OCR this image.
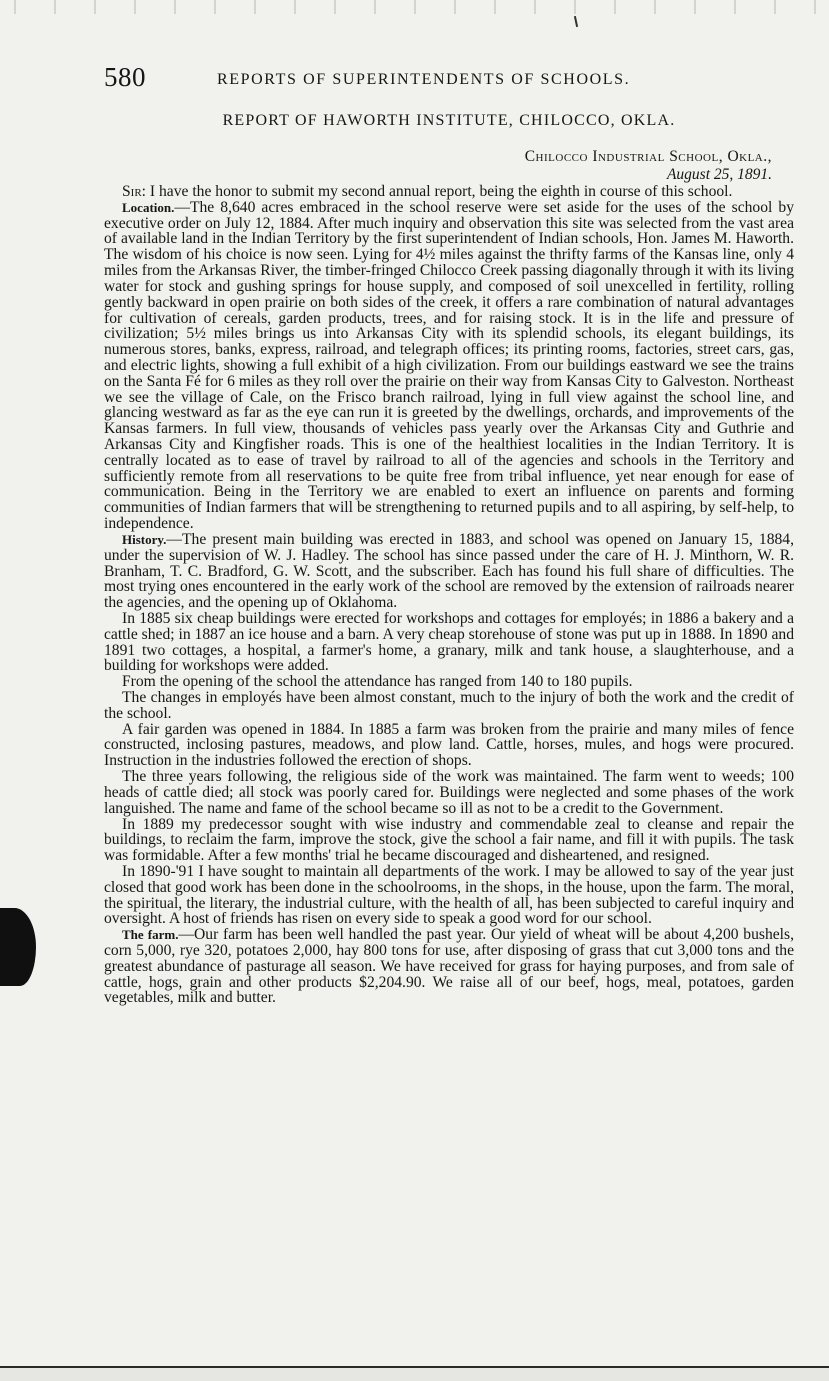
580	REPORTS OF SUPERINTENDENTS OF SCHOOLS.
REPORT OF HAWORTH INSTITUTE, CHILOCCO, OKLA.
Chilocco Industrial School, Okla.,
August 25, 1891.

Sir: I have the honor to submit my second annual report, being the eighth in course of this school.

Location.—The 8,640 acres embraced in the school reserve were set aside for the uses of the school by executive order on July 12, 1884. After much inquiry and observation this site was selected from the vast area of available land in the Indian Territory by the first superintendent of Indian schools, Hon. James M. Haworth. The wisdom of his choice is now seen. Lying for 4½ miles against the thrifty farms of the Kansas line, only 4 miles from the Arkansas River, the timber-fringed Chilocco Creek passing diagonally through it with its living water for stock and gushing springs for house supply, and composed of soil unexcelled in fertility, rolling gently backward in open prairie on both sides of the creek, it offers a rare combination of natural advantages for cultivation of cereals, garden products, trees, and for raising stock. It is in the life and pressure of civilization; 5½ miles brings us into Arkansas City with its splendid schools, its elegant buildings, its numerous stores, banks, express, railroad, and telegraph offices; its printing rooms, factories, street cars, gas, and electric lights, showing a full exhibit of a high civilization. From our buildings eastward we see the trains on the Santa Fé for 6 miles as they roll over the prairie on their way from Kansas City to Galveston. Northeast we see the village of Cale, on the Frisco branch railroad, lying in full view against the school line, and glancing westward as far as the eye can run it is greeted by the dwellings, orchards, and improvements of the Kansas farmers. In full view, thousands of vehicles pass yearly over the Arkansas City and Guthrie and Arkansas City and Kingfisher roads. This is one of the healthiest localities in the Indian Territory. It is centrally located as to ease of travel by railroad to all of the agencies and schools in the Territory and sufficiently remote from all reservations to be quite free from tribal influence, yet near enough for ease of communication. Being in the Territory we are enabled to exert an influence on parents and forming communities of Indian farmers that will be strengthening to returned pupils and to all aspiring, by self-help, to independence.

History.—The present main building was erected in 1883, and school was opened on January 15, 1884, under the supervision of W. J. Hadley. The school has since passed under the care of H. J. Minthorn, W. R. Branham, T. C. Bradford, G. W. Scott, and the subscriber. Each has found his full share of difficulties. The most trying ones encountered in the early work of the school are removed by the extension of railroads nearer the agencies, and the opening up of Oklahoma.

In 1885 six cheap buildings were erected for workshops and cottages for employés; in 1886 a bakery and a cattle shed; in 1887 an ice house and a barn. A very cheap storehouse of stone was put up in 1888. In 1890 and 1891 two cottages, a hospital, a farmer's home, a granary, milk and tank house, a slaughterhouse, and a building for workshops were added.

From the opening of the school the attendance has ranged from 140 to 180 pupils.

The changes in employés have been almost constant, much to the injury of both the work and the credit of the school.

A fair garden was opened in 1884. In 1885 a farm was broken from the prairie and many miles of fence constructed, inclosing pastures, meadows, and plow land. Cattle, horses, mules, and hogs were procured. Instruction in the industries followed the erection of shops.

The three years following, the religious side of the work was maintained. The farm went to weeds; 100 heads of cattle died; all stock was poorly cared for. Buildings were neglected and some phases of the work languished. The name and fame of the school became so ill as not to be a credit to the Government.

In 1889 my predecessor sought with wise industry and commendable zeal to cleanse and repair the buildings, to reclaim the farm, improve the stock, give the school a fair name, and fill it with pupils. The task was formidable. After a few months' trial he became discouraged and disheartened, and resigned.

In 1890-'91 I have sought to maintain all departments of the work. I may be allowed to say of the year just closed that good work has been done in the schoolrooms, in the shops, in the house, upon the farm. The moral, the spiritual, the literary, the industrial culture, with the health of all, has been subjected to careful inquiry and oversight. A host of friends has risen on every side to speak a good word for our school.

The farm.—Our farm has been well handled the past year. Our yield of wheat will be about 4,200 bushels, corn 5,000, rye 320, potatoes 2,000, hay 800 tons for use, after disposing of grass that cut 3,000 tons and the greatest abundance of pasturage all season. We have received for grass for haying purposes, and from sale of cattle, hogs, grain and other products $2,204.90. We raise all of our beef, hogs, meal, potatoes, garden vegetables, milk and butter.
